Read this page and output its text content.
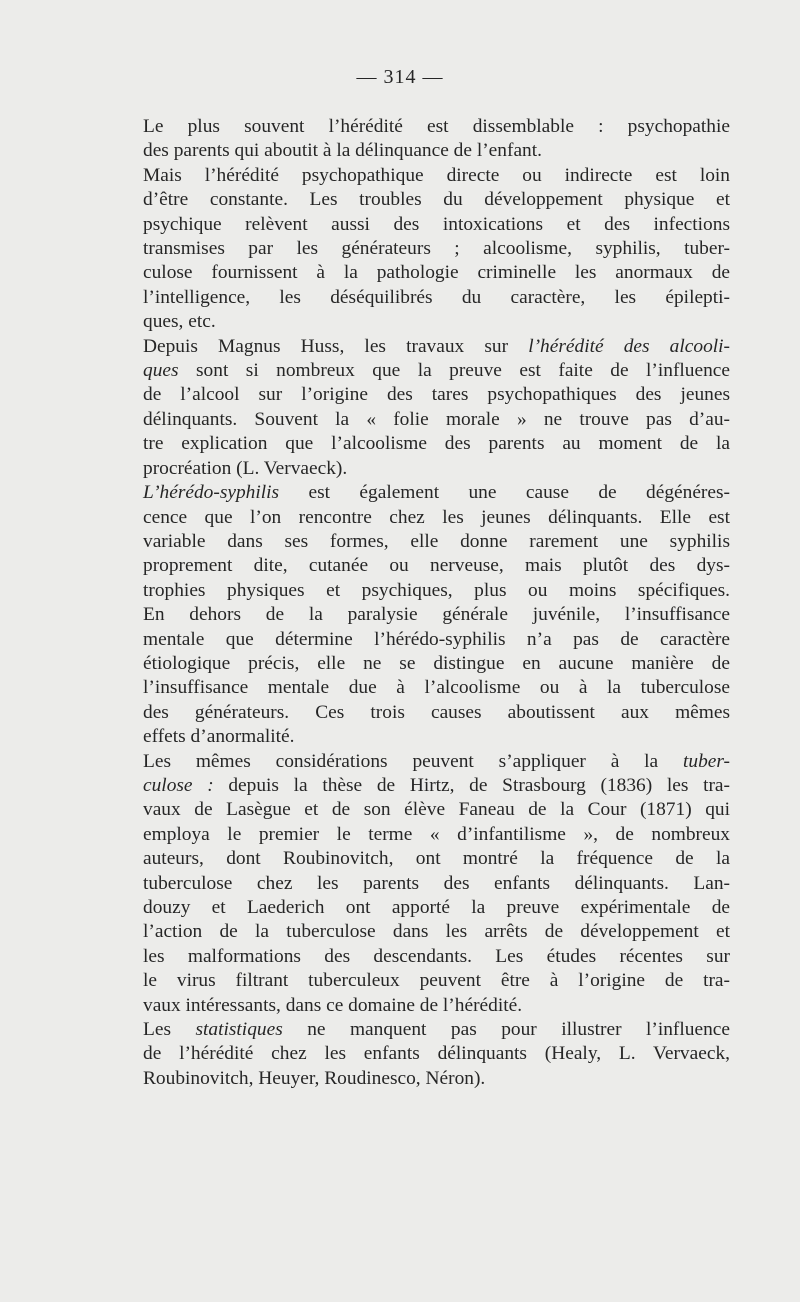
— 314 —

Le plus souvent l’hérédité est dissemblable : psychopathie
des parents qui aboutit à la délinquance de l’enfant.

Mais l’hérédité psychopathique directe ou indirecte est loin
d’être constante. Les troubles du développement physique et
psychique relèvent aussi des intoxications et des infections
transmises par les générateurs ; alcoolisme, syphilis, tuber-
culose fournissent à la pathologie criminelle les anormaux de
l’intelligence, les déséquilibrés du caractère, les épilepti-
ques, etc.

Depuis Magnus Huss, les travaux sur l’hérédité des alcooli-
ques sont si nombreux que la preuve est faite de l’influence
de l’alcool sur l’origine des tares psychopathiques des jeunes
délinquants. Souvent la « folie morale » ne trouve pas d’au-
tre explication que l’alcoolisme des parents au moment de la
procréation (L. Vervaeck).

L’hérédo-syphilis est également une cause de dégénéres-
cence que l’on rencontre chez les jeunes délinquants. Elle est
variable dans ses formes, elle donne rarement une syphilis
proprement dite, cutanée ou nerveuse, mais plutôt des dys-
trophies physiques et psychiques, plus ou moins spécifiques.
En dehors de la paralysie générale juvénile, l’insuffisance
mentale que détermine l’hérédo-syphilis n’a pas de caractère
étiologique précis, elle ne se distingue en aucune manière de
l’insuffisance mentale due à l’alcoolisme ou à la tuberculose
des générateurs. Ces trois causes aboutissent aux mêmes
effets d’anormalité.

Les mêmes considérations peuvent s’appliquer à la tuber-
culose : depuis la thèse de Hirtz, de Strasbourg (1836) les tra-
vaux de Lasègue et de son élève Faneau de la Cour (1871) qui
employa le premier le terme « d’infantilisme », de nombreux
auteurs, dont Roubinovitch, ont montré la fréquence de la
tuberculose chez les parents des enfants délinquants. Lan-
douzy et Laederich ont apporté la preuve expérimentale de
l’action de la tuberculose dans les arrêts de développement et
les malformations des descendants. Les études récentes sur
le virus filtrant tuberculeux peuvent être à l’origine de tra-
vaux intéressants, dans ce domaine de l’hérédité.

Les statistiques ne manquent pas pour illustrer l’influence
de l’hérédité chez les enfants délinquants (Healy, L. Vervaeck,
Roubinovitch, Heuyer, Roudinesco, Néron).
